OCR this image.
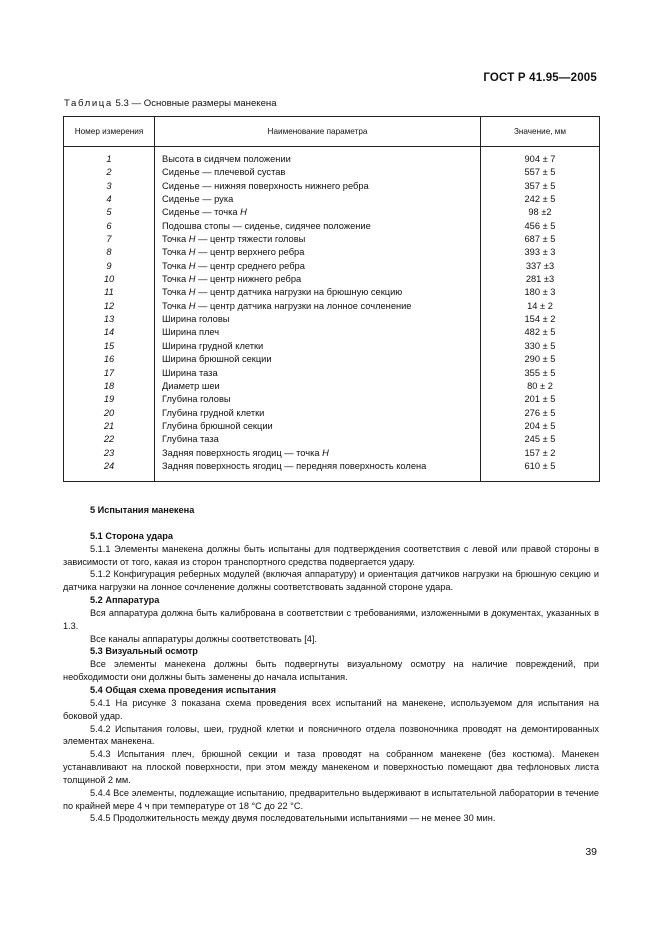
ГОСТ Р 41.95—2005
Таблица 5.3 — Основные размеры манекена
Номер измерения	Наименование параметра	Значение, мм
1	Высота в сидячем положении	904 ± 7
2	Сиденье — плечевой сустав	557 ± 5
3	Сиденье — нижняя поверхность нижнего ребра	357 ± 5
4	Сиденье — рука	242 ± 5
5	Сиденье — точка H	98 ±2
6	Подошва стопы — сиденье, сидячее положение	456 ± 5
7	Точка H — центр тяжести головы	687 ± 5
8	Точка H — центр верхнего ребра	393 ± 3
9	Точка H — центр среднего ребра	337 ±3
10	Точка H — центр нижнего ребра	281 ±3
11	Точка H — центр датчика нагрузки на брюшную секцию	180 ± 3
12	Точка H — центр датчика нагрузки на лонное сочленение	14 ± 2
13	Ширина головы	154 ± 2
14	Ширина плеч	482 ± 5
15	Ширина грудной клетки	330 ± 5
16	Ширина брюшной секции	290 ± 5
17	Ширина таза	355 ± 5
18	Диаметр шеи	80 ± 2
19	Глубина головы	201 ± 5
20	Глубина грудной клетки	276 ± 5
21	Глубина брюшной секции	204 ± 5
22	Глубина таза	245 ± 5
23	Задняя поверхность ягодиц — точка H	157 ± 2
24	Задняя поверхность ягодиц — передняя поверхность колена	610 ± 5

5 Испытания манекена

5.1 Сторона удара

5.1.1 Элементы манекена должны быть испытаны для подтверждения соответствия с левой или правой стороны в зависимости от того, какая из сторон транспортного средства подвергается удару.

5.1.2 Конфигурация реберных модулей (включая аппаратуру) и ориентация датчиков нагрузки на брюшную секцию и датчика нагрузки на лонное сочленение должны соответствовать заданной стороне удара.

5.2 Аппаратура

Вся аппаратура должна быть калибрована в соответствии с требованиями, изложенными в документах, указанных в 1.3.

Все каналы аппаратуры должны соответствовать [4].

5.3 Визуальный осмотр

Все элементы манекена должны быть подвергнуты визуальному осмотру на наличие повреждений, при необходимости они должны быть заменены до начала испытания.

5.4 Общая схема проведения испытания

5.4.1 На рисунке 3 показана схема проведения всех испытаний на манекене, используемом для испытания на боковой удар.

5.4.2 Испытания головы, шеи, грудной клетки и поясничного отдела позвоночника проводят на демонтированных элементах манекена.

5.4.3 Испытания плеч, брюшной секции и таза проводят на собранном манекене (без костюма). Манекен устанавливают на плоской поверхности, при этом между манекеном и поверхностью помещают два тефлоновых листа толщиной 2 мм.

5.4.4 Все элементы, подлежащие испытанию, предварительно выдерживают в испытательной лаборатории в течение по крайней мере 4 ч при температуре от 18 °С до 22 °С.

5.4.5 Продолжительность между двумя последовательными испытаниями — не менее 30 мин.

39
